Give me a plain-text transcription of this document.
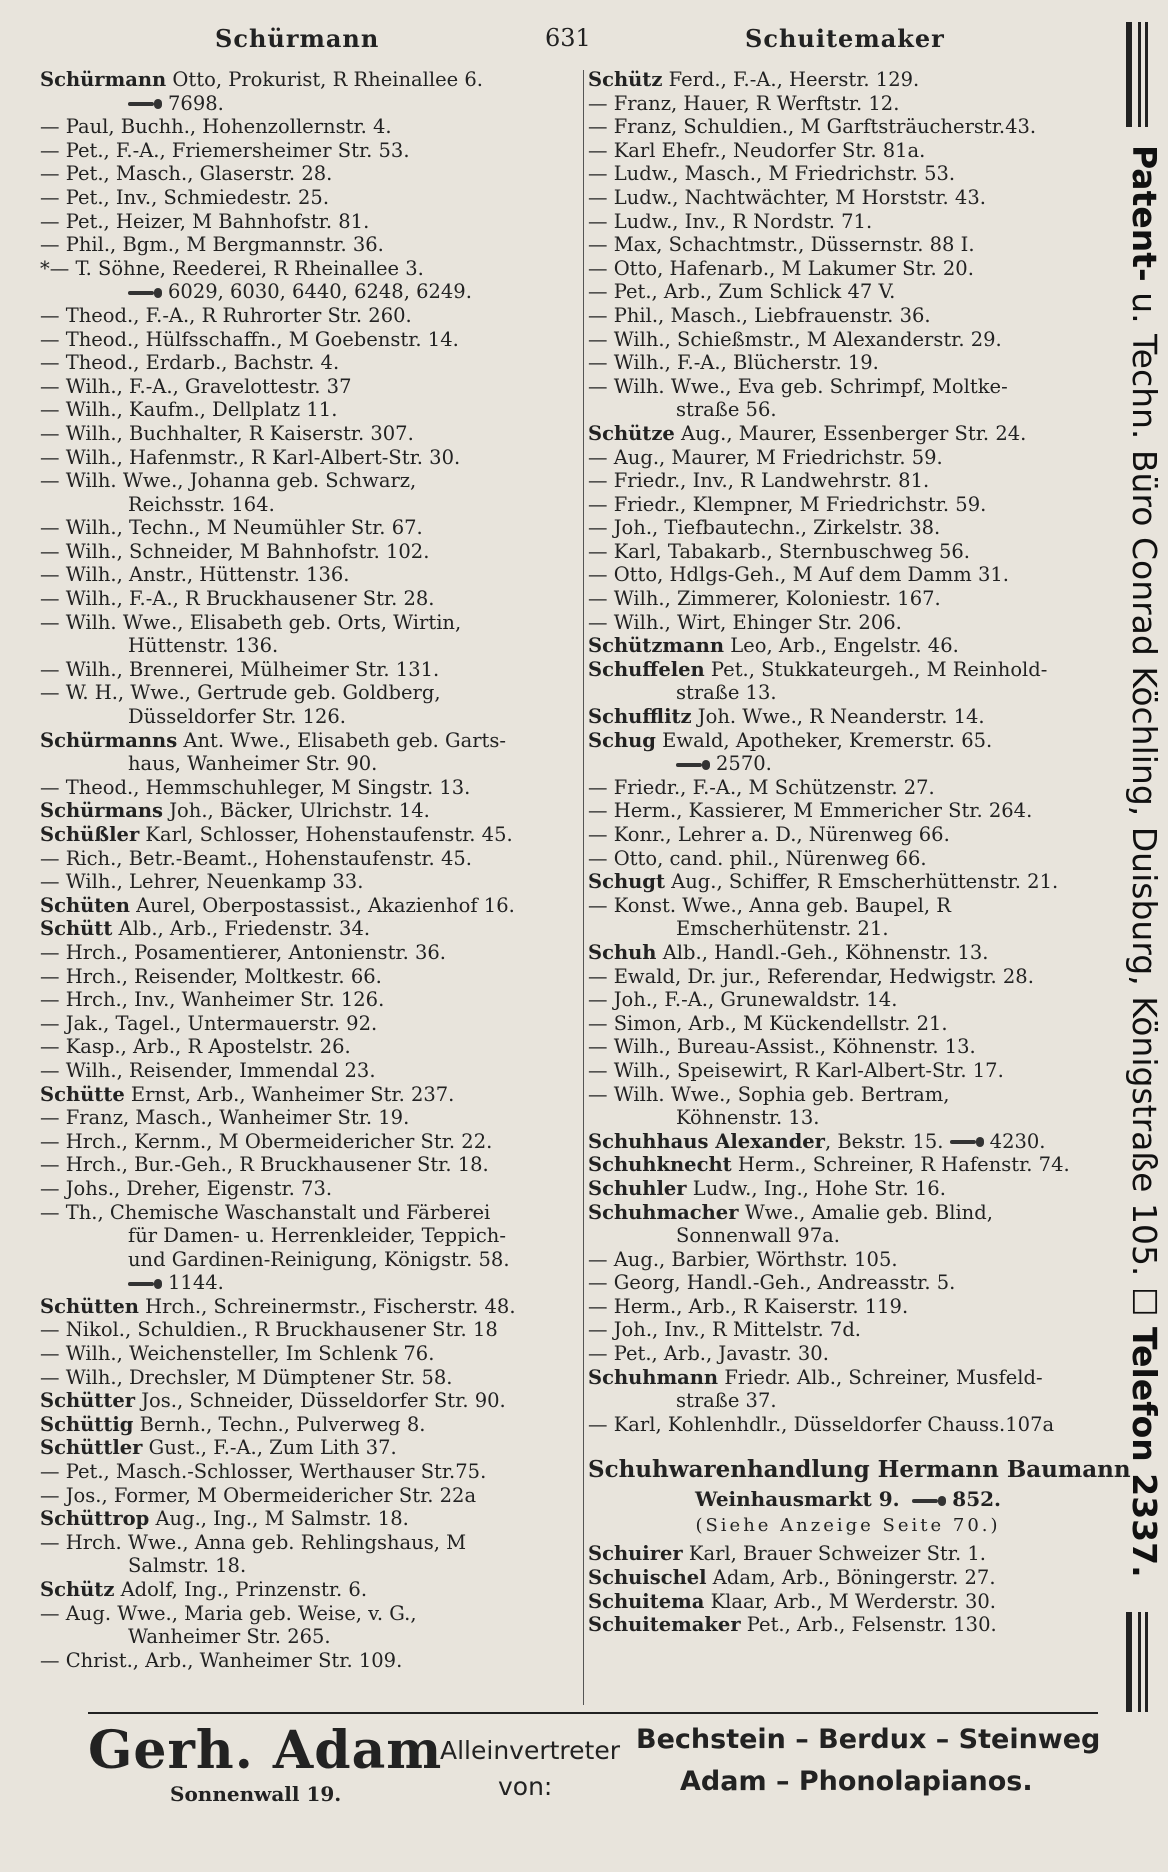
Schürmann	631	Schuitemaker
Schürmann Otto, Prokurist, R Rheinallee 6.
7698.
— Paul, Buchh., Hohenzollernstr. 4.
— Pet., F.-A., Friemersheimer Str. 53.
— Pet., Masch., Glaserstr. 28.
— Pet., Inv., Schmiedestr. 25.
— Pet., Heizer, M Bahnhofstr. 81.
— Phil., Bgm., M Bergmannstr. 36.
*— T. Söhne, Reederei, R Rheinallee 3.
6029, 6030, 6440, 6248, 6249.
— Theod., F.-A., R Ruhrorter Str. 260.
— Theod., Hülfsschaffn., M Goebenstr. 14.
— Theod., Erdarb., Bachstr. 4.
— Wilh., F.-A., Gravelottestr. 37
— Wilh., Kaufm., Dellplatz 11.
— Wilh., Buchhalter, R Kaiserstr. 307.
— Wilh., Hafenmstr., R Karl-Albert-Str. 30.
— Wilh. Wwe., Johanna geb. Schwarz,
Reichsstr. 164.
— Wilh., Techn., M Neumühler Str. 67.
— Wilh., Schneider, M Bahnhofstr. 102.
— Wilh., Anstr., Hüttenstr. 136.
— Wilh., F.-A., R Bruckhausener Str. 28.
— Wilh. Wwe., Elisabeth geb. Orts, Wirtin,
Hüttenstr. 136.
— Wilh., Brennerei, Mülheimer Str. 131.
— W. H., Wwe., Gertrude geb. Goldberg,
Düsseldorfer Str. 126.
Schürmanns Ant. Wwe., Elisabeth geb. Garts-
haus, Wanheimer Str. 90.
— Theod., Hemmschuhleger, M Singstr. 13.
Schürmans Joh., Bäcker, Ulrichstr. 14.
Schüßler Karl, Schlosser, Hohenstaufenstr. 45.
— Rich., Betr.-Beamt., Hohenstaufenstr. 45.
— Wilh., Lehrer, Neuenkamp 33.
Schüten Aurel, Oberpostassist., Akazienhof 16.
Schütt Alb., Arb., Friedenstr. 34.
— Hrch., Posamentierer, Antonienstr. 36.
— Hrch., Reisender, Moltkestr. 66.
— Hrch., Inv., Wanheimer Str. 126.
— Jak., Tagel., Untermauerstr. 92.
— Kasp., Arb., R Apostelstr. 26.
— Wilh., Reisender, Immendal 23.
Schütte Ernst, Arb., Wanheimer Str. 237.
— Franz, Masch., Wanheimer Str. 19.
— Hrch., Kernm., M Obermeidericher Str. 22.
— Hrch., Bur.-Geh., R Bruckhausener Str. 18.
— Johs., Dreher, Eigenstr. 73.
— Th., Chemische Waschanstalt und Färberei
für Damen- u. Herrenkleider, Teppich-
und Gardinen-Reinigung, Königstr. 58.
1144.
Schütten Hrch., Schreinermstr., Fischerstr. 48.
— Nikol., Schuldien., R Bruckhausener Str. 18
— Wilh., Weichensteller, Im Schlenk 76.
— Wilh., Drechsler, M Dümptener Str. 58.
Schütter Jos., Schneider, Düsseldorfer Str. 90.
Schüttig Bernh., Techn., Pulverweg 8.
Schüttler Gust., F.-A., Zum Lith 37.
— Pet., Masch.-Schlosser, Werthauser Str.75.
— Jos., Former, M Obermeidericher Str. 22a
Schüttrop Aug., Ing., M Salmstr. 18.
— Hrch. Wwe., Anna geb. Rehlingshaus, M
Salmstr. 18.
Schütz Adolf, Ing., Prinzenstr. 6.
— Aug. Wwe., Maria geb. Weise, v. G.,
Wanheimer Str. 265.
— Christ., Arb., Wanheimer Str. 109.
Schütz Ferd., F.-A., Heerstr. 129.
— Franz, Hauer, R Werftstr. 12.
— Franz, Schuldien., M Garftsträucherstr.43.
— Karl Ehefr., Neudorfer Str. 81a.
— Ludw., Masch., M Friedrichstr. 53.
— Ludw., Nachtwächter, M Horststr. 43.
— Ludw., Inv., R Nordstr. 71.
— Max, Schachtmstr., Düssernstr. 88 I.
— Otto, Hafenarb., M Lakumer Str. 20.
— Pet., Arb., Zum Schlick 47 V.
— Phil., Masch., Liebfrauenstr. 36.
— Wilh., Schießmstr., M Alexanderstr. 29.
— Wilh., F.-A., Blücherstr. 19.
— Wilh. Wwe., Eva geb. Schrimpf, Moltke-
straße 56.
Schütze Aug., Maurer, Essenberger Str. 24.
— Aug., Maurer, M Friedrichstr. 59.
— Friedr., Inv., R Landwehrstr. 81.
— Friedr., Klempner, M Friedrichstr. 59.
— Joh., Tiefbautechn., Zirkelstr. 38.
— Karl, Tabakarb., Sternbuschweg 56.
— Otto, Hdlgs-Geh., M Auf dem Damm 31.
— Wilh., Zimmerer, Koloniestr. 167.
— Wilh., Wirt, Ehinger Str. 206.
Schützmann Leo, Arb., Engelstr. 46.
Schuffelen Pet., Stukkateurgeh., M Reinhold-
straße 13.
Schufflitz Joh. Wwe., R Neanderstr. 14.
Schug Ewald, Apotheker, Kremerstr. 65.
2570.
— Friedr., F.-A., M Schützenstr. 27.
— Herm., Kassierer, M Emmericher Str. 264.
— Konr., Lehrer a. D., Nürenweg 66.
— Otto, cand. phil., Nürenweg 66.
Schugt Aug., Schiffer, R Emscherhüttenstr. 21.
— Konst. Wwe., Anna geb. Baupel, R
Emscherhütenstr. 21.
Schuh Alb., Handl.-Geh., Köhnenstr. 13.
— Ewald, Dr. jur., Referendar, Hedwigstr. 28.
— Joh., F.-A., Grunewaldstr. 14.
— Simon, Arb., M Kückendellstr. 21.
— Wilh., Bureau-Assist., Köhnenstr. 13.
— Wilh., Speisewirt, R Karl-Albert-Str. 17.
— Wilh. Wwe., Sophia geb. Bertram,
Köhnenstr. 13.
Schuhhaus Alexander, Bekstr. 15. 4230.
Schuhknecht Herm., Schreiner, R Hafenstr. 74.
Schuhler Ludw., Ing., Hohe Str. 16.
Schuhmacher Wwe., Amalie geb. Blind,
Sonnenwall 97a.
— Aug., Barbier, Wörthstr. 105.
— Georg, Handl.-Geh., Andreasstr. 5.
— Herm., Arb., R Kaiserstr. 119.
— Joh., Inv., R Mittelstr. 7d.
— Pet., Arb., Javastr. 30.
Schuhmann Friedr. Alb., Schreiner, Musfeld-
straße 37.
— Karl, Kohlenhdlr., Düsseldorfer Chauss.107a
Schuhwarenhandlung Hermann Baumann
Weinhausmarkt 9.	852.
(Siehe Anzeige Seite 70.)
Schuirer Karl, Brauer Schweizer Str. 1.
Schuischel Adam, Arb., Böningerstr. 27.
Schuitema Klaar, Arb., M Werderstr. 30.
Schuitemaker Pet., Arb., Felsenstr. 130.
Patent- u. Techn. Büro Conrad Köchling, Duisburg, Königstraße 105. ☐ Telefon 2337.
Gerh. Adam
Sonnenwall 19.
Alleinvertreter
von:
Bechstein – Berdux – Steinweg
Adam – Phonolapianos.
